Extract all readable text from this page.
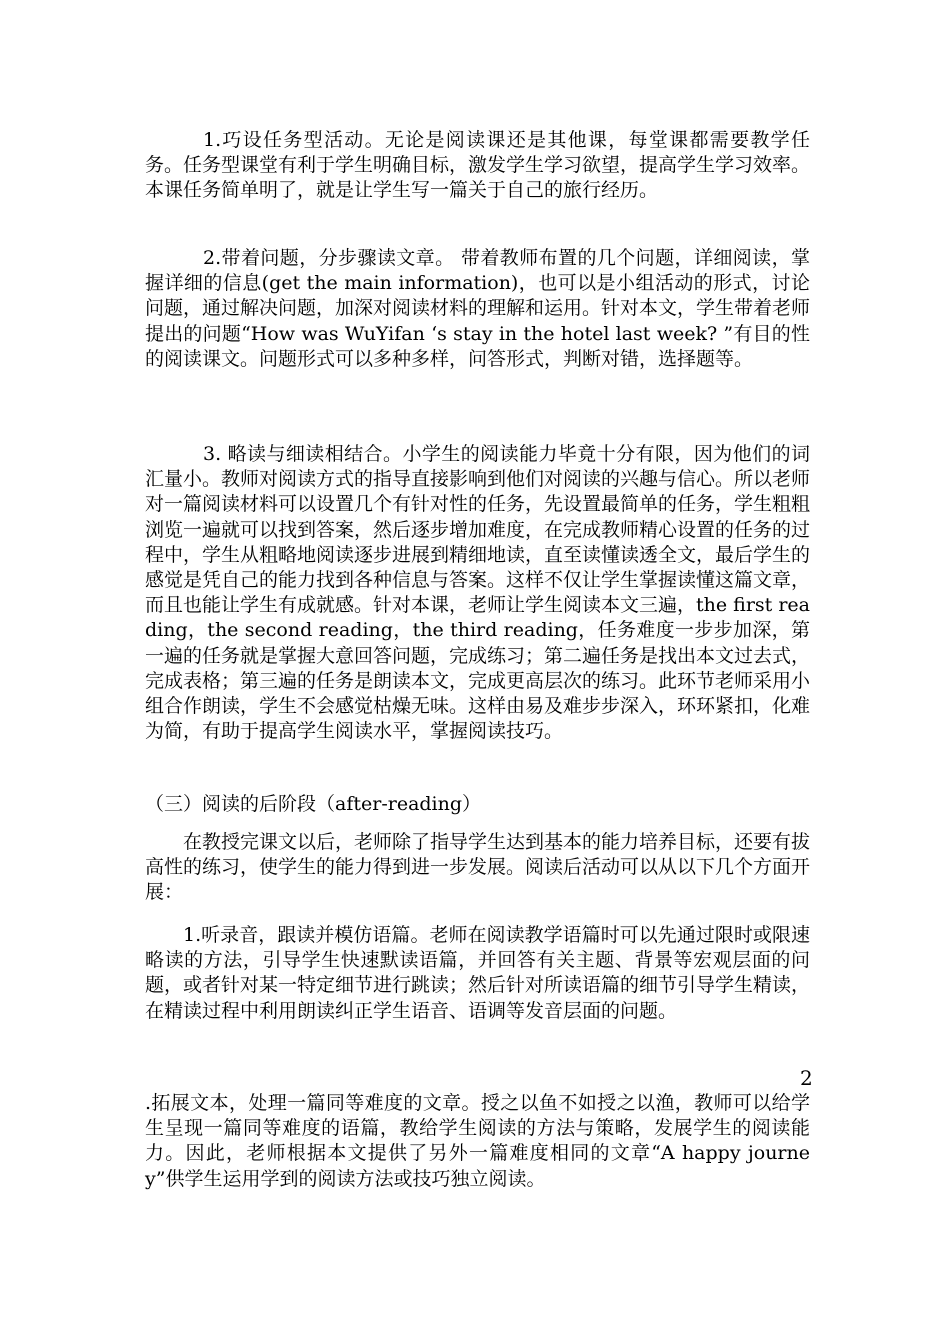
1.巧设任务型活动。无论是阅读课还是其他课，每堂课都需要教学任务。任务型课堂有利于学生明确目标，激发学生学习欲望，提高学生学习效率。本课任务简单明了，就是让学生写一篇关于自己的旅行经历。

2.带着问题，分步骤读文章。 带着教师布置的几个问题，详细阅读，掌握详细的信息(get the main information)，也可以是小组活动的形式，讨论问题，通过解决问题，加深对阅读材料的理解和运用。针对本文，学生带着老师提出的问题“How was WuYifan ‘s stay in the hotel last week? ”有目的性的阅读课文。问题形式可以多种多样，问答形式，判断对错，选择题等。

3. 略读与细读相结合。小学生的阅读能力毕竟十分有限，因为他们的词汇量小。教师对阅读方式的指导直接影响到他们对阅读的兴趣与信心。所以老师对一篇阅读材料可以设置几个有针对性的任务，先设置最简单的任务，学生粗粗浏览一遍就可以找到答案，然后逐步增加难度，在完成教师精心设置的任务的过程中，学生从粗略地阅读逐步进展到精细地读，直至读懂读透全文，最后学生的感觉是凭自己的能力找到各种信息与答案。这样不仅让学生掌握读懂这篇文章，而且也能让学生有成就感。针对本课，老师让学生阅读本文三遍，the first reading，the second reading，the third reading，任务难度一步步加深，第一遍的任务就是掌握大意回答问题，完成练习；第二遍任务是找出本文过去式，完成表格；第三遍的任务是朗读本文，完成更高层次的练习。此环节老师采用小组合作朗读，学生不会感觉枯燥无味。这样由易及难步步深入，环环紧扣，化难为简，有助于提高学生阅读水平，掌握阅读技巧。

（三）阅读的后阶段（after-reading）

在教授完课文以后，老师除了指导学生达到基本的能力培养目标，还要有拔高性的练习，使学生的能力得到进一步发展。阅读后活动可以从以下几个方面开展：

1.听录音，跟读并模仿语篇。老师在阅读教学语篇时可以先通过限时或限速略读的方法，引导学生快速默读语篇，并回答有关主题、背景等宏观层面的问题，或者针对某一特定细节进行跳读；然后针对所读语篇的细节引导学生精读，在精读过程中利用朗读纠正学生语音、语调等发音层面的问题。

2

.拓展文本，处理一篇同等难度的文章。授之以鱼不如授之以渔，教师可以给学生呈现一篇同等难度的语篇，教给学生阅读的方法与策略，发展学生的阅读能力。因此，老师根据本文提供了另外一篇难度相同的文章“A happy journey”供学生运用学到的阅读方法或技巧独立阅读。
